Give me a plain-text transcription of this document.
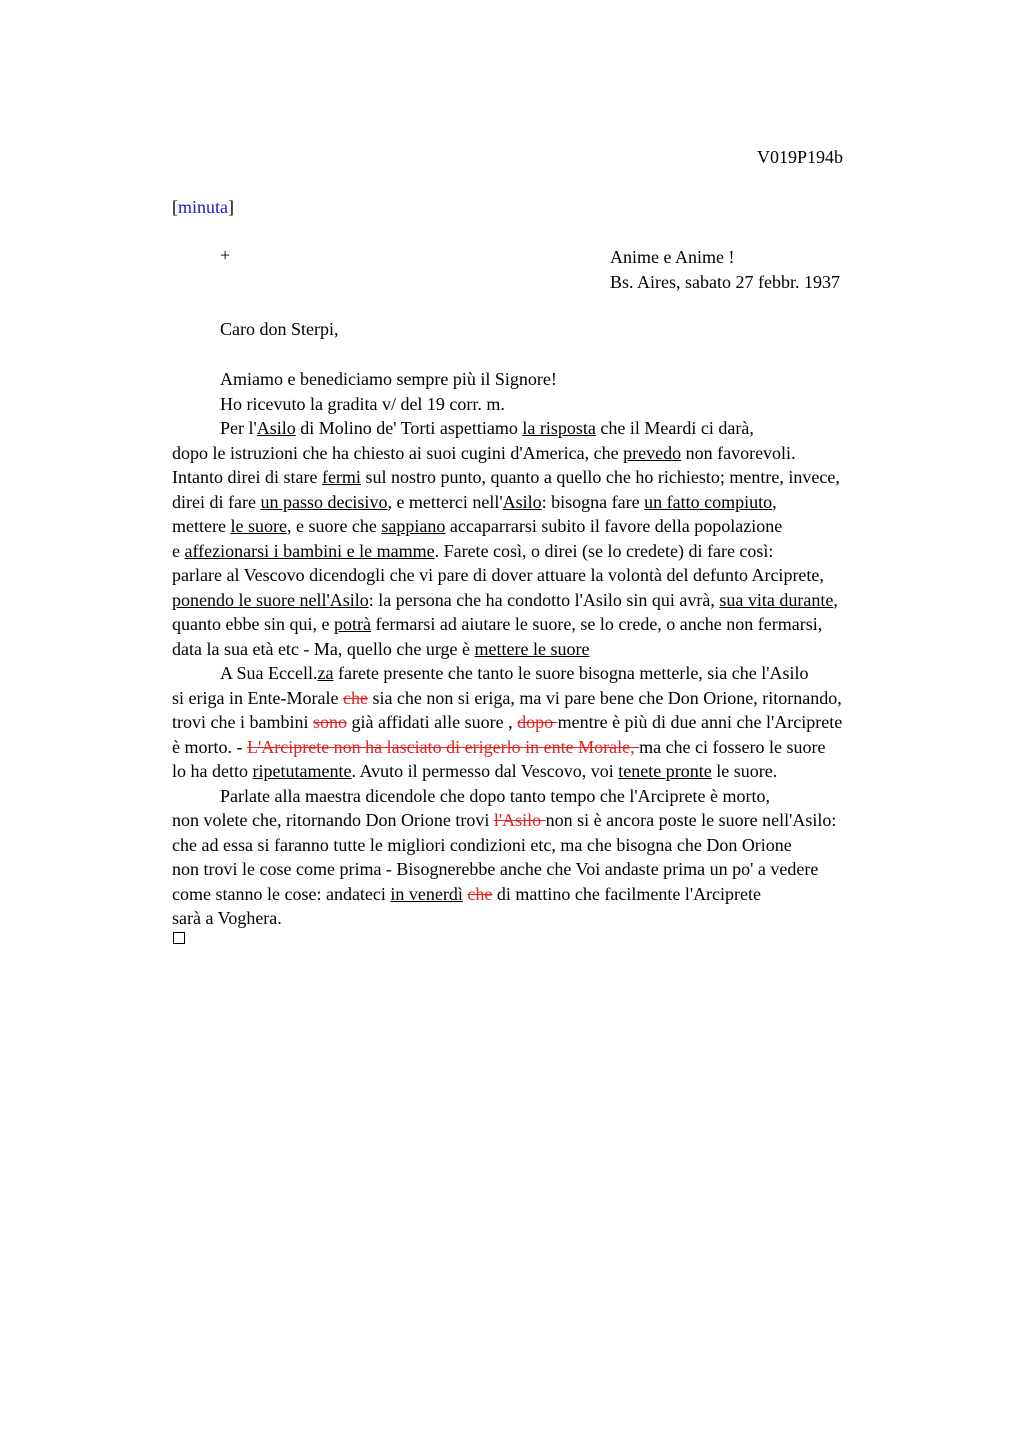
V019P194b
[minuta]
+	Anime e Anime !
Bs. Aires, sabato 27 febbr. 1937
Caro don Sterpi,
Amiamo e benediciamo sempre più il Signore!
Ho ricevuto la gradita v/ del 19 corr. m.
Per l'Asilo di Molino de' Torti aspettiamo la risposta che il Meardi ci darà,
dopo le istruzioni che ha chiesto ai suoi cugini d'America, che prevedo non favorevoli.
Intanto direi di stare fermi sul nostro punto, quanto a quello che ho richiesto; mentre, invece,
direi di fare un passo decisivo, e metterci nell'Asilo: bisogna fare un fatto compiuto,
mettere le suore, e suore che sappiano accaparrarsi subito il favore della popolazione
e affezionarsi i bambini e le mamme. Farete così, o direi (se lo credete) di fare così:
parlare al Vescovo dicendogli che vi pare di dover attuare la volontà del defunto Arciprete,
ponendo le suore nell'Asilo: la persona che ha condotto l'Asilo sin qui avrà, sua vita durante,
quanto ebbe sin qui, e potrà fermarsi ad aiutare le suore, se lo crede, o anche non fermarsi,
data la sua età etc - Ma, quello che urge è mettere le suore
A Sua Eccell.za farete presente che tanto le suore bisogna metterle, sia che l'Asilo
si eriga in Ente-Morale che sia che non si eriga, ma vi pare bene che Don Orione, ritornando,
trovi che i bambini sono già affidati alle suore , dopo mentre è più di due anni che l'Arciprete
è morto. - L'Arciprete non ha lasciato di erigerlo in ente Morale, ma che ci fossero le suore
lo ha detto ripetutamente. Avuto il permesso dal Vescovo, voi tenete pronte le suore.
Parlate alla maestra dicendole che dopo tanto tempo che l'Arciprete è morto,
non volete che, ritornando Don Orione trovi l'Asilo non si è ancora poste le suore nell'Asilo:
che ad essa si faranno tutte le migliori condizioni etc, ma che bisogna che Don Orione
non trovi le cose come prima - Bisognerebbe anche che Voi andaste prima un po' a vedere
come stanno le cose: andateci in venerdì che di mattino che facilmente l'Arciprete
sarà a Voghera.
